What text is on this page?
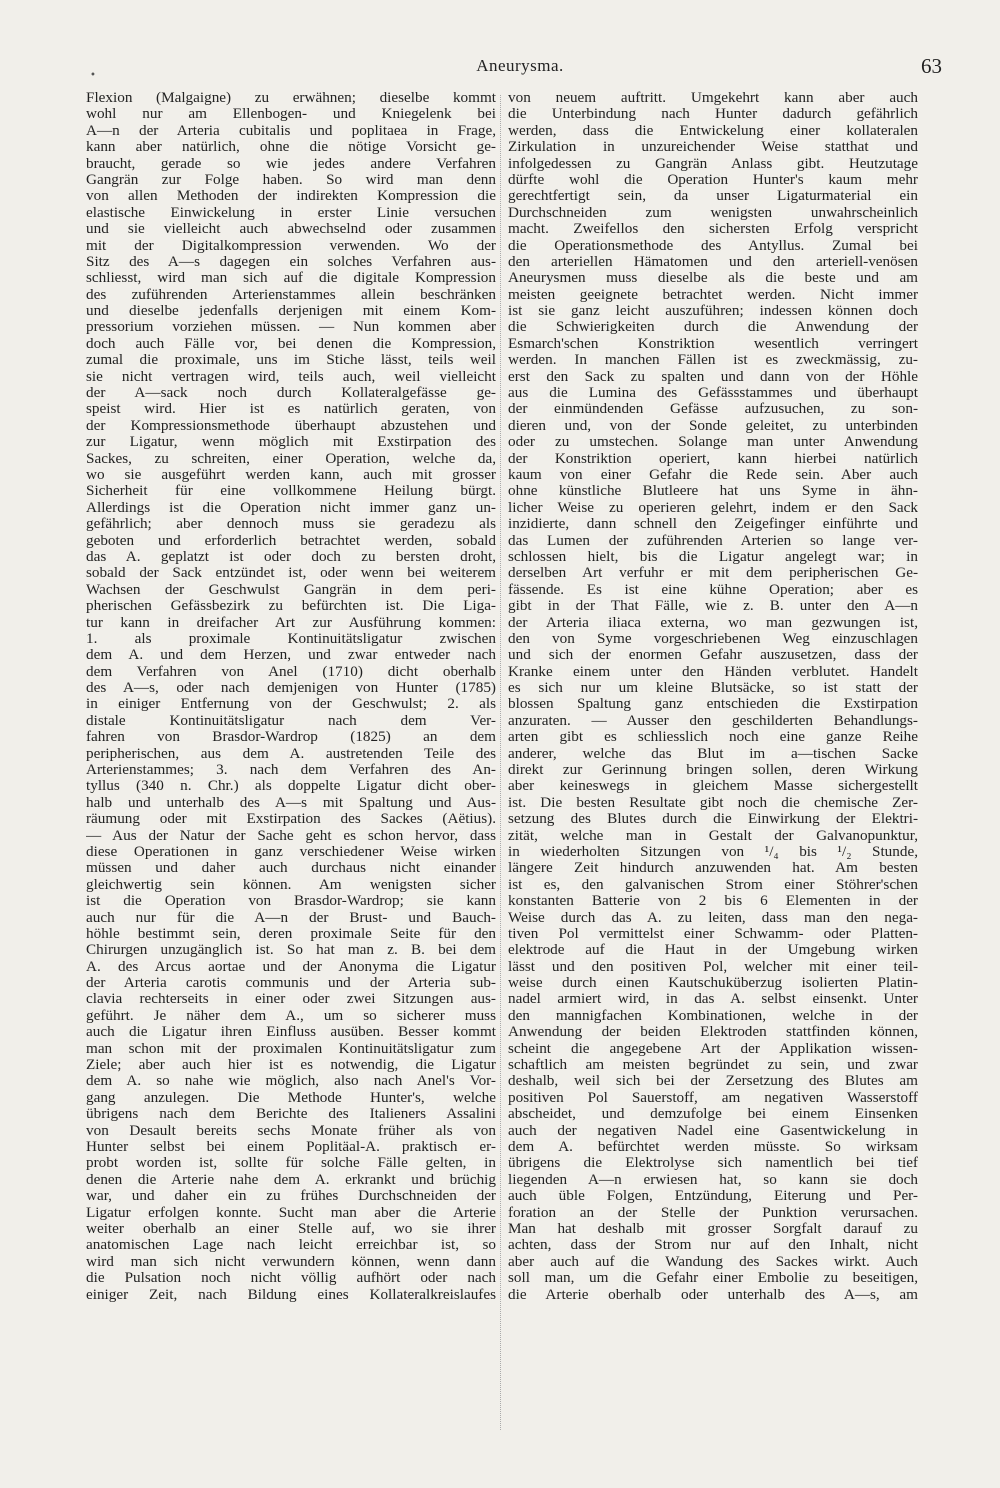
Aneurysma.	63
•
Flexion (Malgaigne) zu erwähnen; dieselbe kommt
wohl nur am Ellenbogen- und Kniegelenk bei
A—n der Arteria cubitalis und poplitaea in Frage,
kann aber natürlich, ohne die nötige Vorsicht ge-
braucht, gerade so wie jedes andere Verfahren
Gangrän zur Folge haben. So wird man denn
von allen Methoden der indirekten Kompression die
elastische Einwickelung in erster Linie versuchen
und sie vielleicht auch abwechselnd oder zusammen
mit der Digitalkompression verwenden. Wo der
Sitz des A—s dagegen ein solches Verfahren aus-
schliesst, wird man sich auf die digitale Kompression
des zuführenden Arterienstammes allein beschränken
und dieselbe jedenfalls derjenigen mit einem Kom-
pressorium vorziehen müssen. — Nun kommen aber
doch auch Fälle vor, bei denen die Kompression,
zumal die proximale, uns im Stiche lässt, teils weil
sie nicht vertragen wird, teils auch, weil vielleicht
der A—sack noch durch Kollateralgefässe ge-
speist wird. Hier ist es natürlich geraten, von
der Kompressionsmethode überhaupt abzustehen und
zur Ligatur, wenn möglich mit Exstirpation des
Sackes, zu schreiten, einer Operation, welche da,
wo sie ausgeführt werden kann, auch mit grosser
Sicherheit für eine vollkommene Heilung bürgt.
Allerdings ist die Operation nicht immer ganz un-
gefährlich; aber dennoch muss sie geradezu als
geboten und erforderlich betrachtet werden, sobald
das A. geplatzt ist oder doch zu bersten droht,
sobald der Sack entzündet ist, oder wenn bei weiterem
Wachsen der Geschwulst Gangrän in dem peri-
pherischen Gefässbezirk zu befürchten ist. Die Liga-
tur kann in dreifacher Art zur Ausführung kommen:
1. als proximale Kontinuitätsligatur zwischen
dem A. und dem Herzen, und zwar entweder nach
dem Verfahren von Anel (1710) dicht oberhalb
des A—s, oder nach demjenigen von Hunter (1785)
in einiger Entfernung von der Geschwulst; 2. als
distale Kontinuitätsligatur nach dem Ver-
fahren von Brasdor-Wardrop (1825) an dem
peripherischen, aus dem A. austretenden Teile des
Arterienstammes; 3. nach dem Verfahren des An-
tyllus (340 n. Chr.) als doppelte Ligatur dicht ober-
halb und unterhalb des A—s mit Spaltung und Aus-
räumung oder mit Exstirpation des Sackes (Aëtius).
— Aus der Natur der Sache geht es schon hervor, dass
diese Operationen in ganz verschiedener Weise wirken
müssen und daher auch durchaus nicht einander
gleichwertig sein können. Am wenigsten sicher
ist die Operation von Brasdor-Wardrop; sie kann
auch nur für die A—n der Brust- und Bauch-
höhle bestimmt sein, deren proximale Seite für den
Chirurgen unzugänglich ist. So hat man z. B. bei dem
A. des Arcus aortae und der Anonyma die Ligatur
der Arteria carotis communis und der Arteria sub-
clavia rechterseits in einer oder zwei Sitzungen aus-
geführt. Je näher dem A., um so sicherer muss
auch die Ligatur ihren Einfluss ausüben. Besser kommt
man schon mit der proximalen Kontinuitätsligatur zum
Ziele; aber auch hier ist es notwendig, die Ligatur
dem A. so nahe wie möglich, also nach Anel's Vor-
gang anzulegen. Die Methode Hunter's, welche
übrigens nach dem Berichte des Italieners Assalini
von Desault bereits sechs Monate früher als von
Hunter selbst bei einem Poplitäal-A. praktisch er-
probt worden ist, sollte für solche Fälle gelten, in
denen die Arterie nahe dem A. erkrankt und brüchig
war, und daher ein zu frühes Durchschneiden der
Ligatur erfolgen konnte. Sucht man aber die Arterie
weiter oberhalb an einer Stelle auf, wo sie ihrer
anatomischen Lage nach leicht erreichbar ist, so
wird man sich nicht verwundern können, wenn dann
die Pulsation noch nicht völlig aufhört oder nach
einiger Zeit, nach Bildung eines Kollateralkreislaufes
von neuem auftritt. Umgekehrt kann aber auch
die Unterbindung nach Hunter dadurch gefährlich
werden, dass die Entwickelung einer kollateralen
Zirkulation in unzureichender Weise statthat und
infolgedessen zu Gangrän Anlass gibt. Heutzutage
dürfte wohl die Operation Hunter's kaum mehr
gerechtfertigt sein, da unser Ligaturmaterial ein
Durchschneiden zum wenigsten unwahrscheinlich
macht. Zweifellos den sichersten Erfolg verspricht
die Operationsmethode des Antyllus. Zumal bei
den arteriellen Hämatomen und den arteriell-venösen
Aneurysmen muss dieselbe als die beste und am
meisten geeignete betrachtet werden. Nicht immer
ist sie ganz leicht auszuführen; indessen können doch
die Schwierigkeiten durch die Anwendung der
Esmarch'schen Konstriktion wesentlich verringert
werden. In manchen Fällen ist es zweckmässig, zu-
erst den Sack zu spalten und dann von der Höhle
aus die Lumina des Gefässstammes und überhaupt
der einmündenden Gefässe aufzusuchen, zu son-
dieren und, von der Sonde geleitet, zu unterbinden
oder zu umstechen. Solange man unter Anwendung
der Konstriktion operiert, kann hierbei natürlich
kaum von einer Gefahr die Rede sein. Aber auch
ohne künstliche Blutleere hat uns Syme in ähn-
licher Weise zu operieren gelehrt, indem er den Sack
inzidierte, dann schnell den Zeigefinger einführte und
das Lumen der zuführenden Arterien so lange ver-
schlossen hielt, bis die Ligatur angelegt war; in
derselben Art verfuhr er mit dem peripherischen Ge-
fässende. Es ist eine kühne Operation; aber es
gibt in der That Fälle, wie z. B. unter den A—n
der Arteria iliaca externa, wo man gezwungen ist,
den von Syme vorgeschriebenen Weg einzuschlagen
und sich der enormen Gefahr auszusetzen, dass der
Kranke einem unter den Händen verblutet. Handelt
es sich nur um kleine Blutsäcke, so ist statt der
blossen Spaltung ganz entschieden die Exstirpation
anzuraten. — Ausser den geschilderten Behandlungs-
arten gibt es schliesslich noch eine ganze Reihe
anderer, welche das Blut im a—tischen Sacke
direkt zur Gerinnung bringen sollen, deren Wirkung
aber keineswegs in gleichem Masse sichergestellt
ist. Die besten Resultate gibt noch die chemische Zer-
setzung des Blutes durch die Einwirkung der Elektri-
zität, welche man in Gestalt der Galvanopunktur,
in wiederholten Sitzungen von ¹/₄ bis ¹/₂ Stunde,
längere Zeit hindurch anzuwenden hat. Am besten
ist es, den galvanischen Strom einer Stöhrer'schen
konstanten Batterie von 2 bis 6 Elementen in der
Weise durch das A. zu leiten, dass man den nega-
tiven Pol vermittelst einer Schwamm- oder Platten-
elektrode auf die Haut in der Umgebung wirken
lässt und den positiven Pol, welcher mit einer teil-
weise durch einen Kautschuküberzug isolierten Platin-
nadel armiert wird, in das A. selbst einsenkt. Unter
den mannigfachen Kombinationen, welche in der
Anwendung der beiden Elektroden stattfinden können,
scheint die angegebene Art der Applikation wissen-
schaftlich am meisten begründet zu sein, und zwar
deshalb, weil sich bei der Zersetzung des Blutes am
positiven Pol Sauerstoff, am negativen Wasserstoff
abscheidet, und demzufolge bei einem Einsenken
auch der negativen Nadel eine Gasentwickelung in
dem A. befürchtet werden müsste. So wirksam
übrigens die Elektrolyse sich namentlich bei tief
liegenden A—n erwiesen hat, so kann sie doch
auch üble Folgen, Entzündung, Eiterung und Per-
foration an der Stelle der Punktion verursachen.
Man hat deshalb mit grosser Sorgfalt darauf zu
achten, dass der Strom nur auf den Inhalt, nicht
aber auch auf die Wandung des Sackes wirkt. Auch
soll man, um die Gefahr einer Embolie zu beseitigen,
die Arterie oberhalb oder unterhalb des A—s, am
